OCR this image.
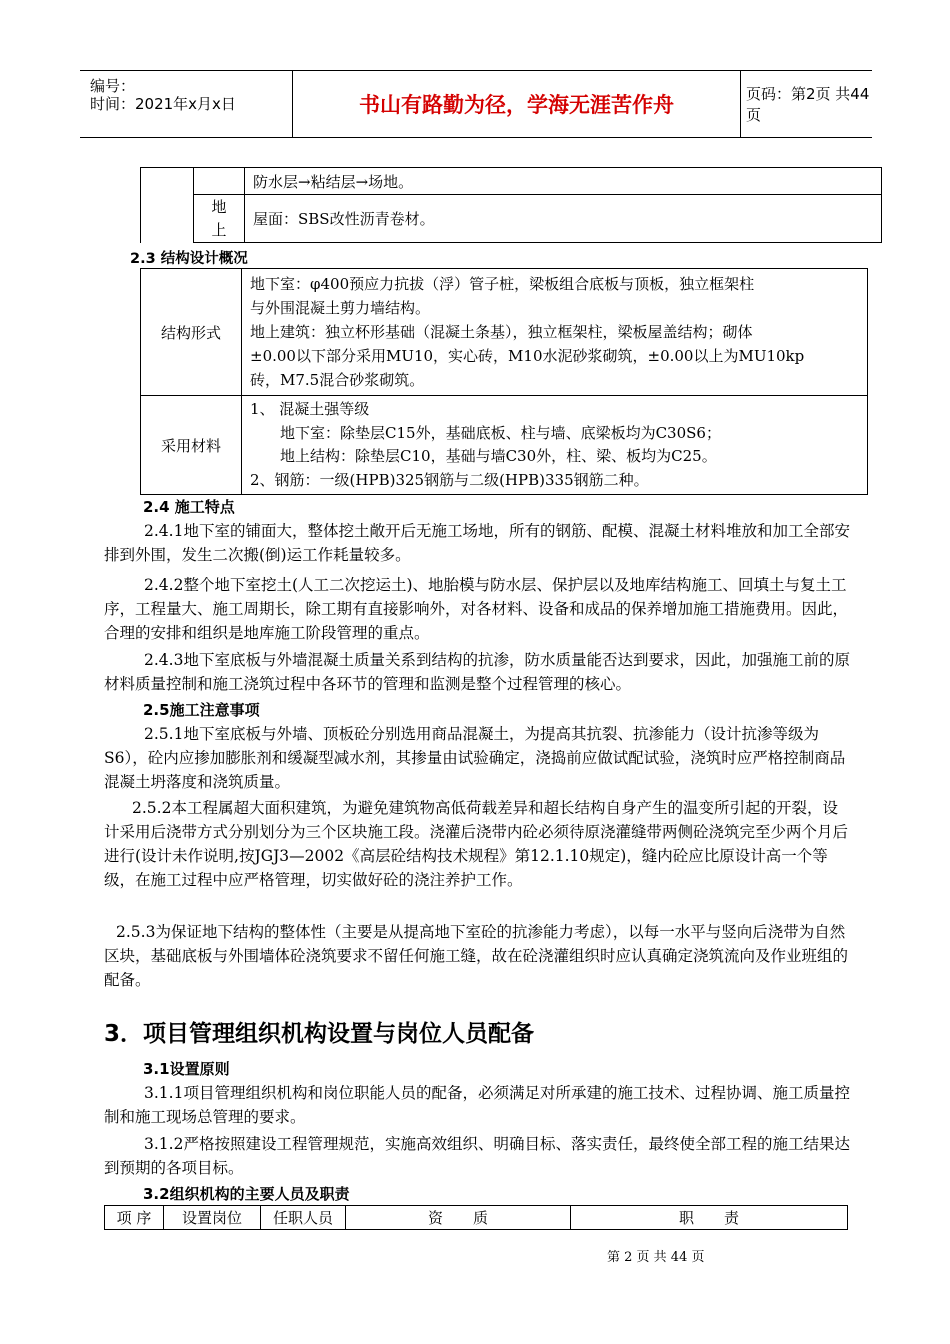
编号：
时间：2021年x月x日	书山有路勤为径，学海无涯苦作舟	页码：第2页 共44页
		防水层→粘结层→场地。

	地
上	屋面：SBS改性沥青卷材。
2.3 结构设计概况
结构形式	地下室：φ400预应力抗拔（浮）管子桩，梁板组合底板与顶板，独立框架柱
与外围混凝土剪力墙结构。
地上建筑：独立杯形基础（混凝土条基），独立框架柱，梁板屋盖结构；砌体
±0.00以下部分采用MU10，实心砖，M10水泥砂浆砌筑，±0.00以上为MU10kp
砖，M7.5混合砂浆砌筑。

采用材料	1、 混凝土强等级
地下室：除垫层C15外，基础底板、柱与墙、底梁板均为C30S6；
地上结构：除垫层C10，基础与墙C30外，柱、梁、板均为C25。
2、钢筋：一级(HPB)325钢筋与二级(HPB)335钢筋二种。
2.4 施工特点
2.4.1地下室的铺面大，整体挖土敞开后无施工场地，所有的钢筋、配模、混凝土材料堆放和加工全部安排到外围，发生二次搬(倒)运工作耗量较多。
2.4.2整个地下室挖土(人工二次挖运土)、地胎模与防水层、保护层以及地库结构施工、回填土与复土工序，工程量大、施工周期长，除工期有直接影响外，对各材料、设备和成品的保养增加施工措施费用。因此，合理的安排和组织是地库施工阶段管理的重点。
2.4.3地下室底板与外墙混凝土质量关系到结构的抗渗，防水质量能否达到要求，因此，加强施工前的原材料质量控制和施工浇筑过程中各环节的管理和监测是整个过程管理的核心。
2.5施工注意事项
2.5.1地下室底板与外墙、顶板砼分别选用商品混凝土，为提高其抗裂、抗渗能力（设计抗渗等级为S6），砼内应掺加膨胀剂和缓凝型减水剂，其掺量由试验确定，浇捣前应做试配试验，浇筑时应严格控制商品混凝土坍落度和浇筑质量。
2.5.2本工程属超大面积建筑，为避免建筑物高低荷载差异和超长结构自身产生的温变所引起的开裂，设计采用后浇带方式分别划分为三个区块施工段。浇灌后浇带内砼必须待原浇灌缝带两侧砼浇筑完至少两个月后进行(设计未作说明,按JGJ3—2002《高层砼结构技术规程》第12.1.10规定)，缝内砼应比原设计高一个等级，在施工过程中应严格管理，切实做好砼的浇注养护工作。
2.5.3为保证地下结构的整体性（主要是从提高地下室砼的抗渗能力考虑），以每一水平与竖向后浇带为自然区块，基础底板与外围墙体砼浇筑要求不留任何施工缝，故在砼浇灌组织时应认真确定浇筑流向及作业班组的配备。
3．项目管理组织机构设置与岗位人员配备
3.1设置原则
3.1.1项目管理组织机构和岗位职能人员的配备，必须满足对所承建的施工技术、过程协调、施工质量控制和施工现场总管理的要求。
3.1.2严格按照建设工程管理规范，实施高效组织、明确目标、落实责任，最终使全部工程的施工结果达到预期的各项目标。
3.2组织机构的主要人员及职责
项 序	设置岗位	任职人员	资　　质	职　　责
第 2 页 共 44 页
